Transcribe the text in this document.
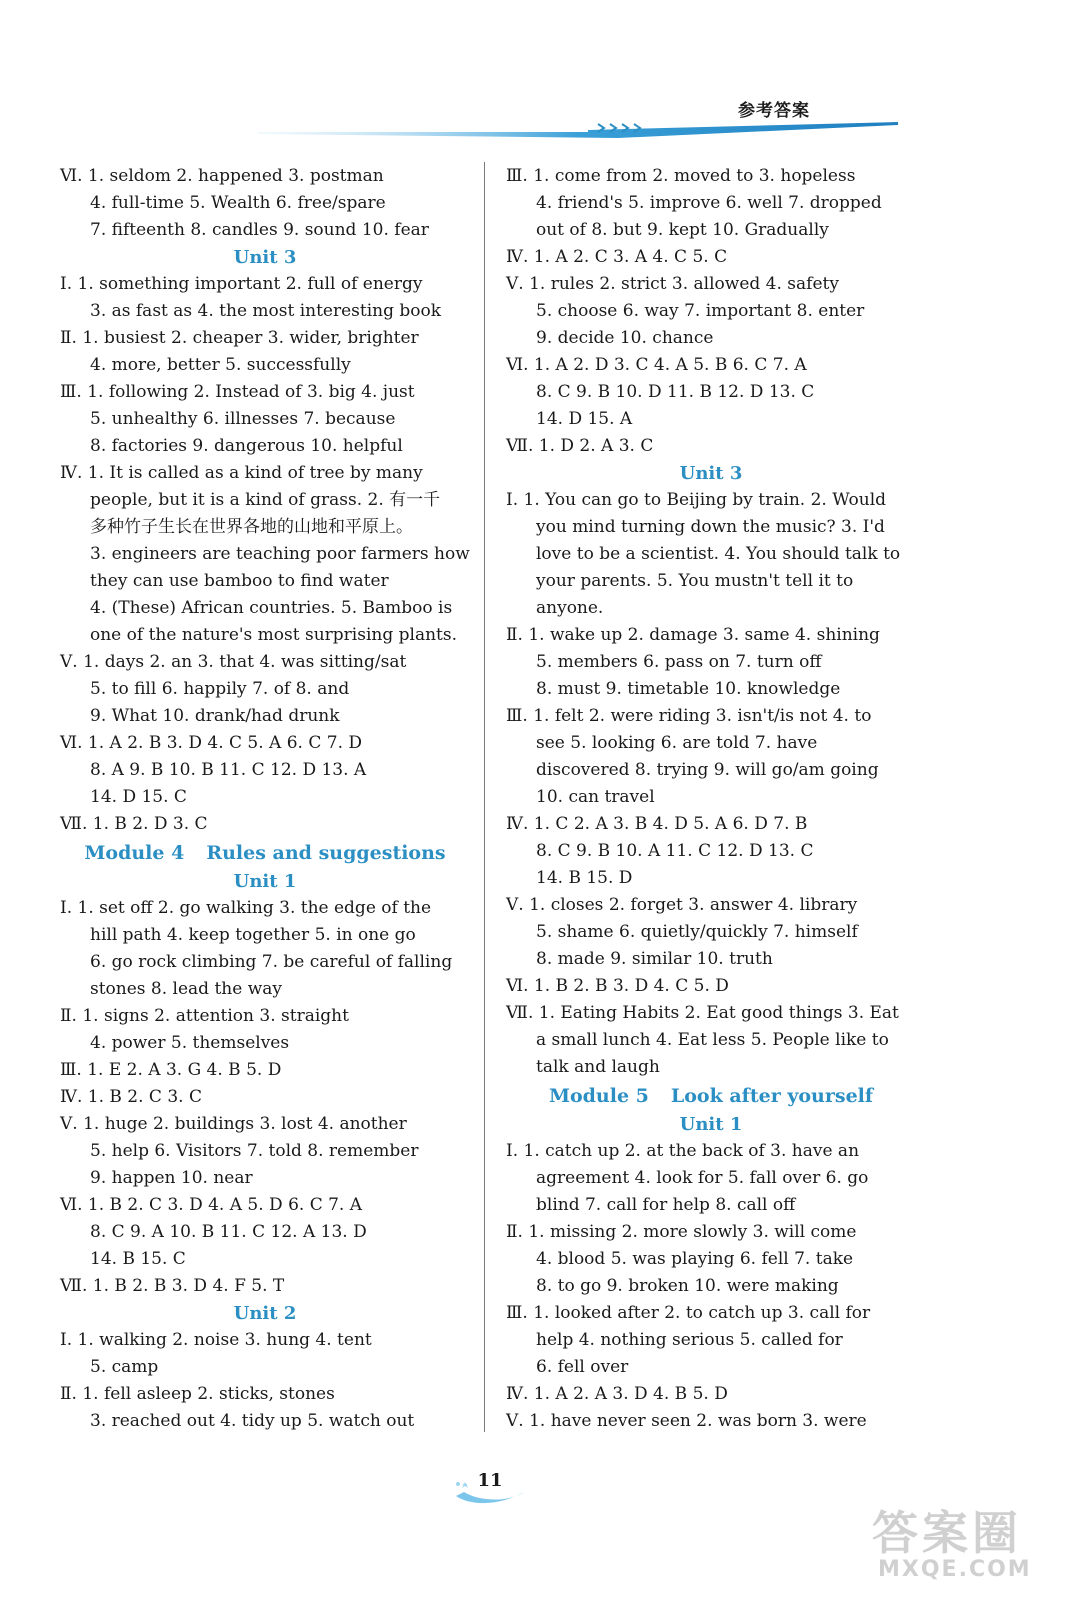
参考答案
Ⅵ. 1. seldom 2. happened 3. postman
4. full-time 5. Wealth 6. free/spare
7. fifteenth 8. candles 9. sound 10. fear
Unit 3
Ⅰ. 1. something important 2. full of energy
3. as fast as 4. the most interesting book
Ⅱ. 1. busiest 2. cheaper 3. wider, brighter
4. more, better 5. successfully
Ⅲ. 1. following 2. Instead of 3. big 4. just
5. unhealthy 6. illnesses 7. because
8. factories 9. dangerous 10. helpful
Ⅳ. 1. It is called as a kind of tree by many
people, but it is a kind of grass. 2. 有一千
多种竹子生长在世界各地的山地和平原上。
3. engineers are teaching poor farmers how
they can use bamboo to find water
4. (These) African countries. 5. Bamboo is
one of the nature's most surprising plants.
Ⅴ. 1. days 2. an 3. that 4. was sitting/sat
5. to fill 6. happily 7. of 8. and
9. What 10. drank/had drunk
Ⅵ. 1. A 2. B 3. D 4. C 5. A 6. C 7. D
8. A 9. B 10. B 11. C 12. D 13. A
14. D 15. C
Ⅶ. 1. B 2. D 3. C
Module 4 Rules and suggestions
Unit 1
Ⅰ. 1. set off 2. go walking 3. the edge of the
hill path 4. keep together 5. in one go
6. go rock climbing 7. be careful of falling
stones 8. lead the way
Ⅱ. 1. signs 2. attention 3. straight
4. power 5. themselves
Ⅲ. 1. E 2. A 3. G 4. B 5. D
Ⅳ. 1. B 2. C 3. C
Ⅴ. 1. huge 2. buildings 3. lost 4. another
5. help 6. Visitors 7. told 8. remember
9. happen 10. near
Ⅵ. 1. B 2. C 3. D 4. A 5. D 6. C 7. A
8. C 9. A 10. B 11. C 12. A 13. D
14. B 15. C
Ⅶ. 1. B 2. B 3. D 4. F 5. T
Unit 2
Ⅰ. 1. walking 2. noise 3. hung 4. tent
5. camp
Ⅱ. 1. fell asleep 2. sticks, stones
3. reached out 4. tidy up 5. watch out
Ⅲ. 1. come from 2. moved to 3. hopeless
4. friend's 5. improve 6. well 7. dropped
out of 8. but 9. kept 10. Gradually
Ⅳ. 1. A 2. C 3. A 4. C 5. C
Ⅴ. 1. rules 2. strict 3. allowed 4. safety
5. choose 6. way 7. important 8. enter
9. decide 10. chance
Ⅵ. 1. A 2. D 3. C 4. A 5. B 6. C 7. A
8. C 9. B 10. D 11. B 12. D 13. C
14. D 15. A
Ⅶ. 1. D 2. A 3. C
Unit 3
Ⅰ. 1. You can go to Beijing by train. 2. Would
you mind turning down the music? 3. I'd
love to be a scientist. 4. You should talk to
your parents. 5. You mustn't tell it to
anyone.
Ⅱ. 1. wake up 2. damage 3. same 4. shining
5. members 6. pass on 7. turn off
8. must 9. timetable 10. knowledge
Ⅲ. 1. felt 2. were riding 3. isn't/is not 4. to
see 5. looking 6. are told 7. have
discovered 8. trying 9. will go/am going
10. can travel
Ⅳ. 1. C 2. A 3. B 4. D 5. A 6. D 7. B
8. C 9. B 10. A 11. C 12. D 13. C
14. B 15. D
Ⅴ. 1. closes 2. forget 3. answer 4. library
5. shame 6. quietly/quickly 7. himself
8. made 9. similar 10. truth
Ⅵ. 1. B 2. B 3. D 4. C 5. D
Ⅶ. 1. Eating Habits 2. Eat good things 3. Eat
a small lunch 4. Eat less 5. People like to
talk and laugh
Module 5 Look after yourself
Unit 1
Ⅰ. 1. catch up 2. at the back of 3. have an
agreement 4. look for 5. fall over 6. go
blind 7. call for help 8. call off
Ⅱ. 1. missing 2. more slowly 3. will come
4. blood 5. was playing 6. fell 7. take
8. to go 9. broken 10. were making
Ⅲ. 1. looked after 2. to catch up 3. call for
help 4. nothing serious 5. called for
6. fell over
Ⅳ. 1. A 2. A 3. D 4. B 5. D
Ⅴ. 1. have never seen 2. was born 3. were
11
答案圈
MXQE.COM
